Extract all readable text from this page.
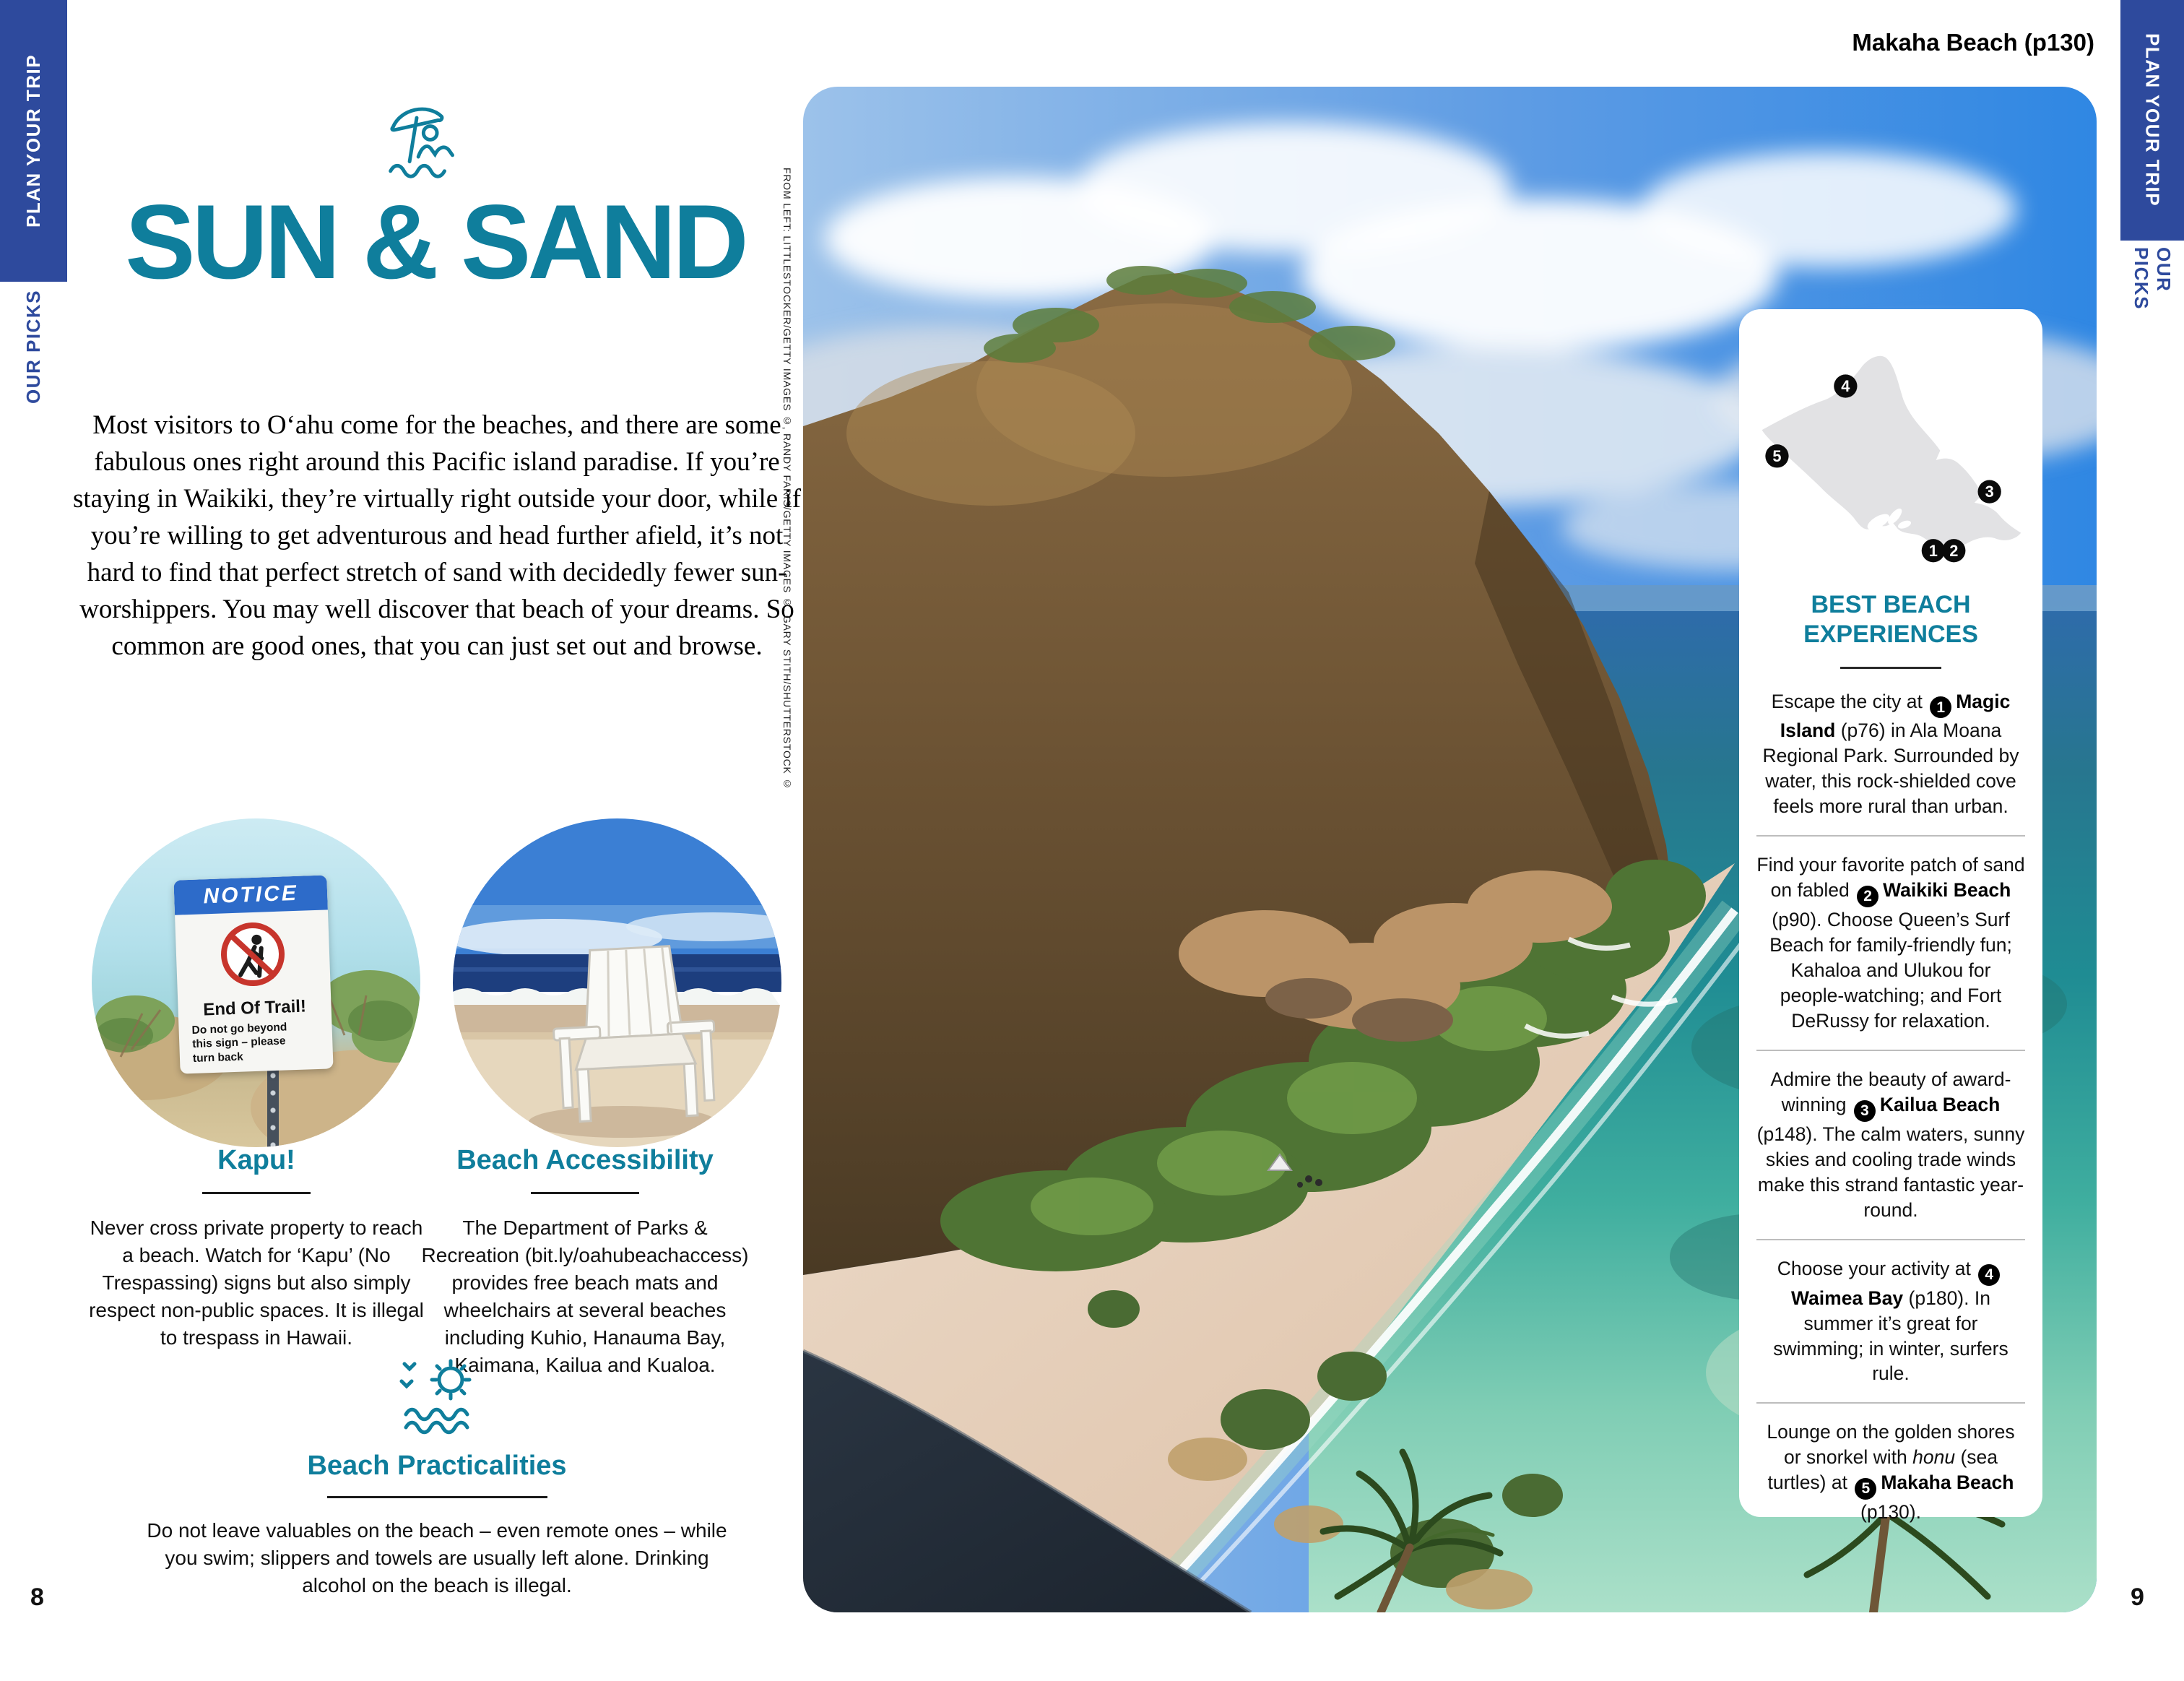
PLAN YOUR TRIP
OUR PICKS
PLAN YOUR TRIP
OUR PICKS
SUN & SAND
Most visitors to O‘ahu come for the beaches, and there are some fabulous ones right around this Pacific island paradise. If you’re staying in Waikiki, they’re virtually right outside your door, while if you’re willing to get adventurous and head further afield, it’s not hard to find that perfect stretch of sand with decidedly fewer sun-worshippers. You may well discover that beach of your dreams. So common are good ones, that you can just set out and browse.
NOTICE
End Of Trail!
Do not go beyond
this sign – please
turn back
Kapu!
Never cross private property to reach a beach. Watch for ‘Kapu’ (No Trespassing) signs but also simply respect non-public spaces. It is illegal to trespass in Hawaii.
Beach Accessibility
The Department of Parks & Recreation (bit.ly/oahubeachaccess) provides free beach mats and wheelchairs at several beaches including Kuhio, Hanauma Bay, Kaimana, Kailua and Kualoa.
Beach Practicalities
Do not leave valuables on the beach – even remote ones – while you swim; slippers and towels are usually left alone. Drinking alcohol on the beach is illegal.
8	9
Makaha Beach (p130)
FROM LEFT: LITTLESTOCKER/GETTY IMAGES ©, RANDY FARIS/GETTY IMAGES ©, GARY STITH/SHUTTERSTOCK ©	4
5
3
1 2
BEST BEACH EXPERIENCES
Escape the city at 1 Magic Island (p76) in Ala Moana Regional Park. Surrounded by water, this rock-shielded cove feels more rural than urban.
Find your favorite patch of sand on fabled 2 Waikiki Beach (p90). Choose Queen’s Surf Beach for family-friendly fun; Kahaloa and Ulukou for people-watching; and Fort DeRussy for relaxation.
Admire the beauty of award-winning 3 Kailua Beach (p148). The calm waters, sunny skies and cooling trade winds make this strand fantastic year-round.
Choose your activity at 4Waimea Bay (p180). In summer it’s great for swimming; in winter, surfers rule.
Lounge on the golden shores or snorkel with honu (sea turtles) at 5 Makaha Beach (p130).
